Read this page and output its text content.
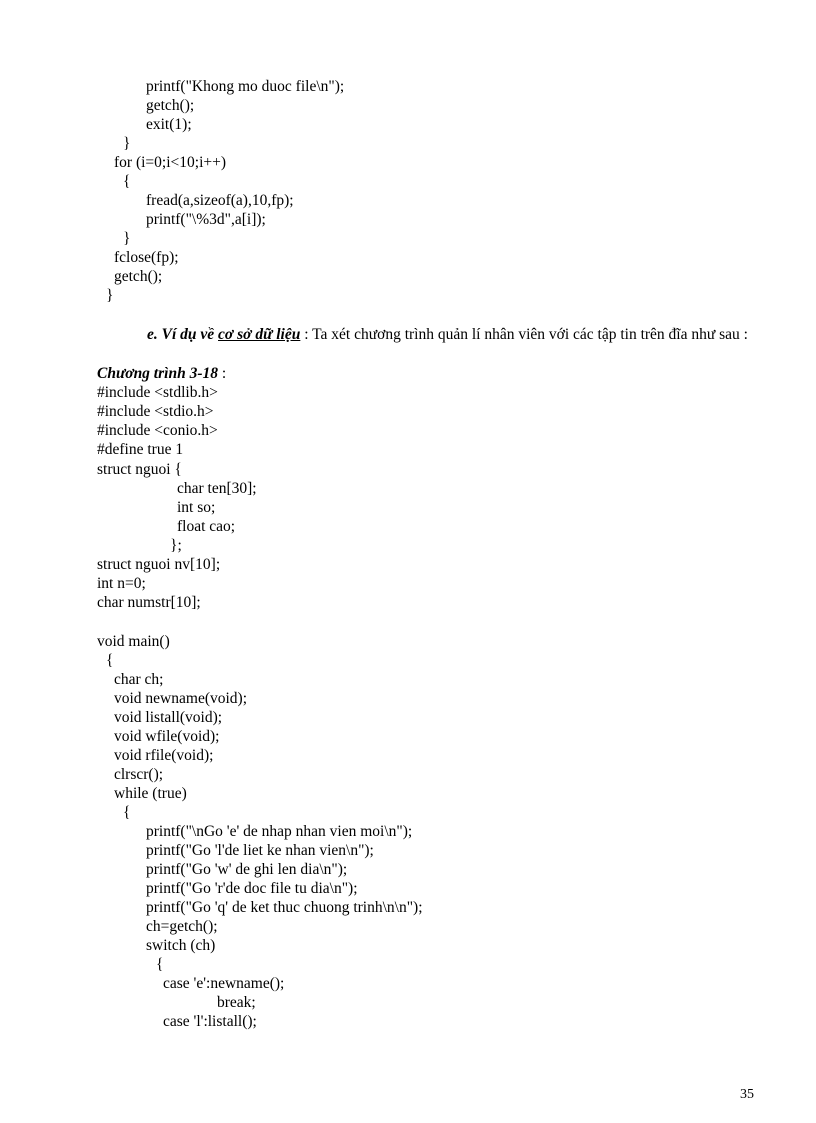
printf("Khong mo duoc file\n");
getch();
exit(1);
}
for (i=0;i<10;i++)
{
fread(a,sizeof(a),10,fp);
printf("\%3d",a[i]);
}
fclose(fp);
getch();
}
e. Ví dụ về cơ sở dữ liệu : Ta xét chương trình quản lí nhân viên với các tập tin trên đĩa như sau :
Chương trình 3-18 :
#include <stdlib.h>
#include <stdio.h>
#include <conio.h>
#define true 1
struct nguoi {
char ten[30];
int so;
float cao;
};
struct nguoi nv[10];
int n=0;
char numstr[10];
void main()
{
char ch;
void newname(void);
void listall(void);
void wfile(void);
void rfile(void);
clrscr();
while (true)
{
printf("\nGo 'e' de nhap nhan vien moi\n");
printf("Go 'l'de liet ke nhan vien\n");
printf("Go 'w' de ghi len dia\n");
printf("Go 'r'de doc file tu dia\n");
printf("Go 'q' de ket thuc chuong trinh\n\n");
ch=getch();
switch (ch)
{
case 'e':newname();
break;
case 'l':listall();
35
